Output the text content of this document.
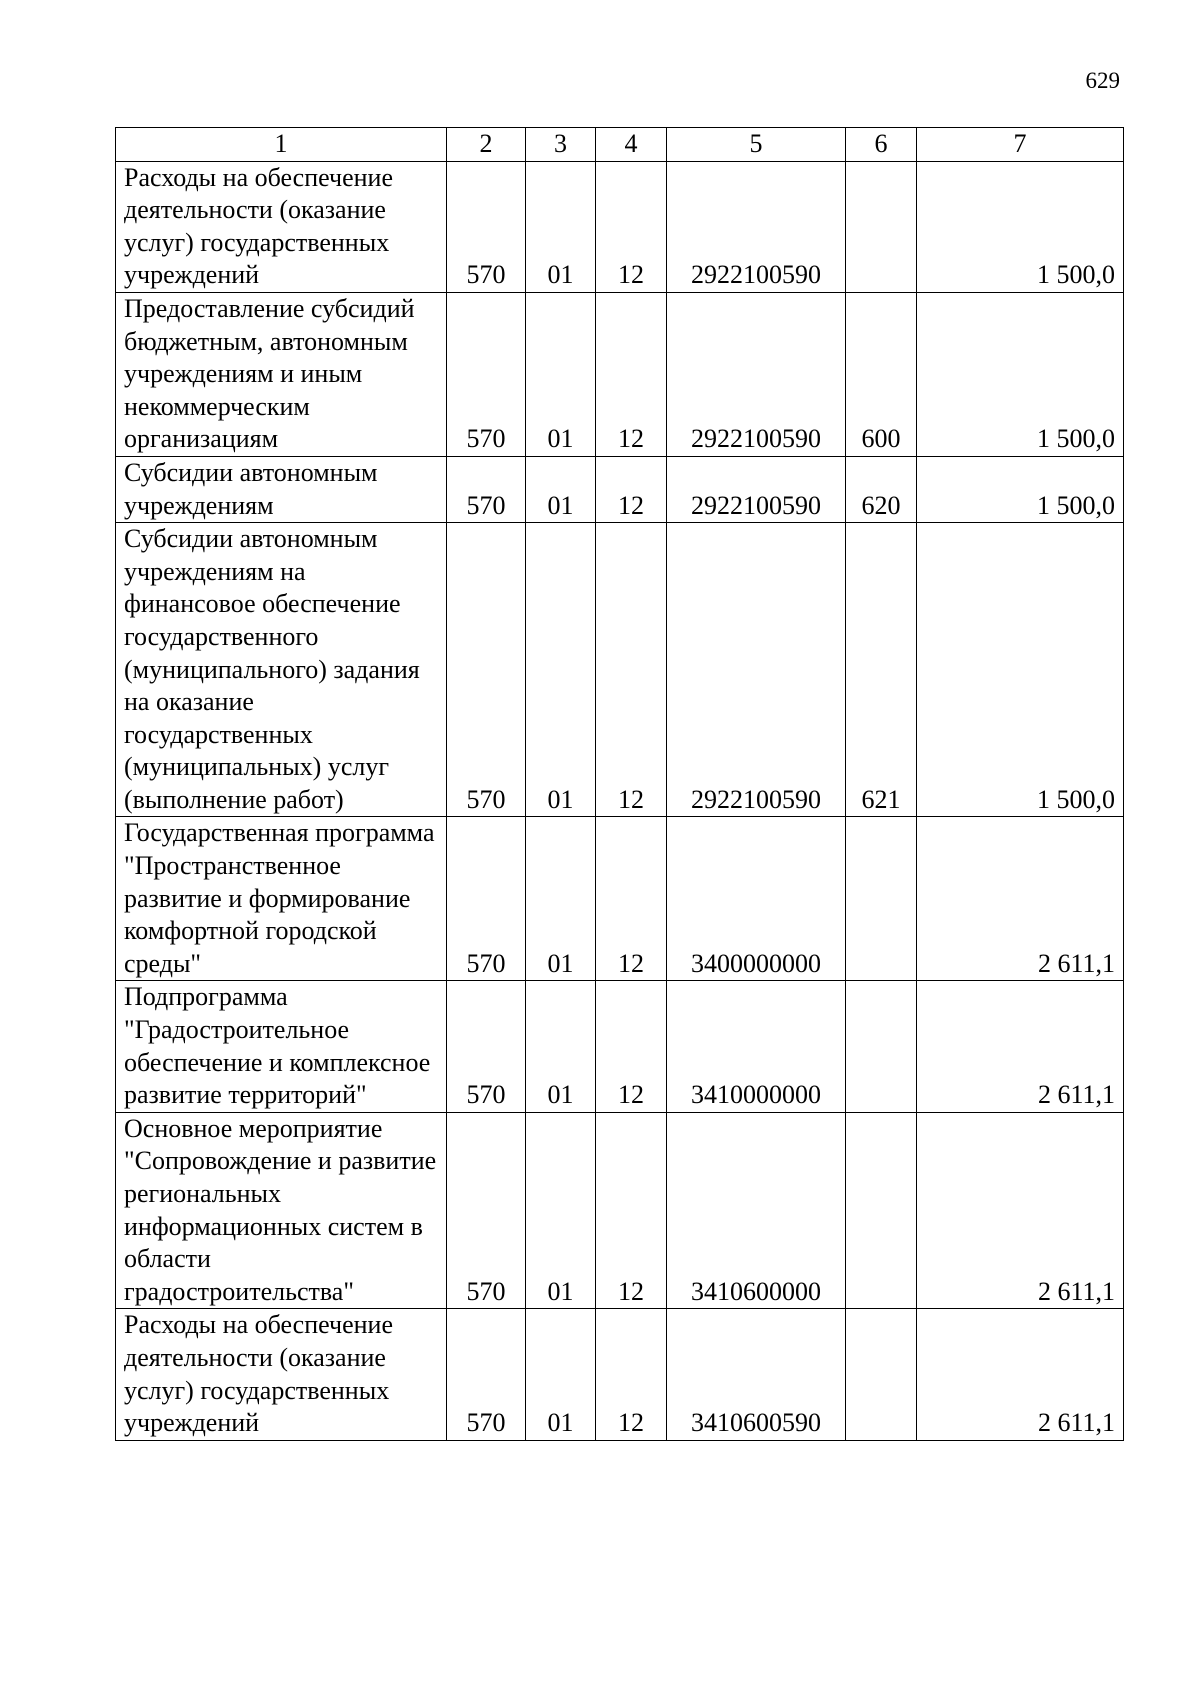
629
1	2	3	4	5	6	7
Расходы на обеспечение деятельности (оказание услуг) государственных учреждений	570	01	12	2922100590		1 500,0
Предоставление субсидий бюджетным, автономным учреждениям и иным некоммерческим организациям	570	01	12	2922100590	600	1 500,0
Субсидии автономным учреждениям	570	01	12	2922100590	620	1 500,0
Субсидии автономным учреждениям на финансовое обеспечение государственного (муниципального) задания на оказание государственных (муниципальных) услуг (выполнение работ)	570	01	12	2922100590	621	1 500,0
Государственная программа "Пространственное развитие и формирование комфортной городской среды"	570	01	12	3400000000		2 611,1
Подпрограмма "Градостроительное обеспечение и комплексное развитие территорий"	570	01	12	3410000000		2 611,1
Основное мероприятие "Сопровождение и развитие региональных информационных систем в области градостроительства"	570	01	12	3410600000		2 611,1
Расходы на обеспечение деятельности (оказание услуг) государственных учреждений	570	01	12	3410600590		2 611,1
